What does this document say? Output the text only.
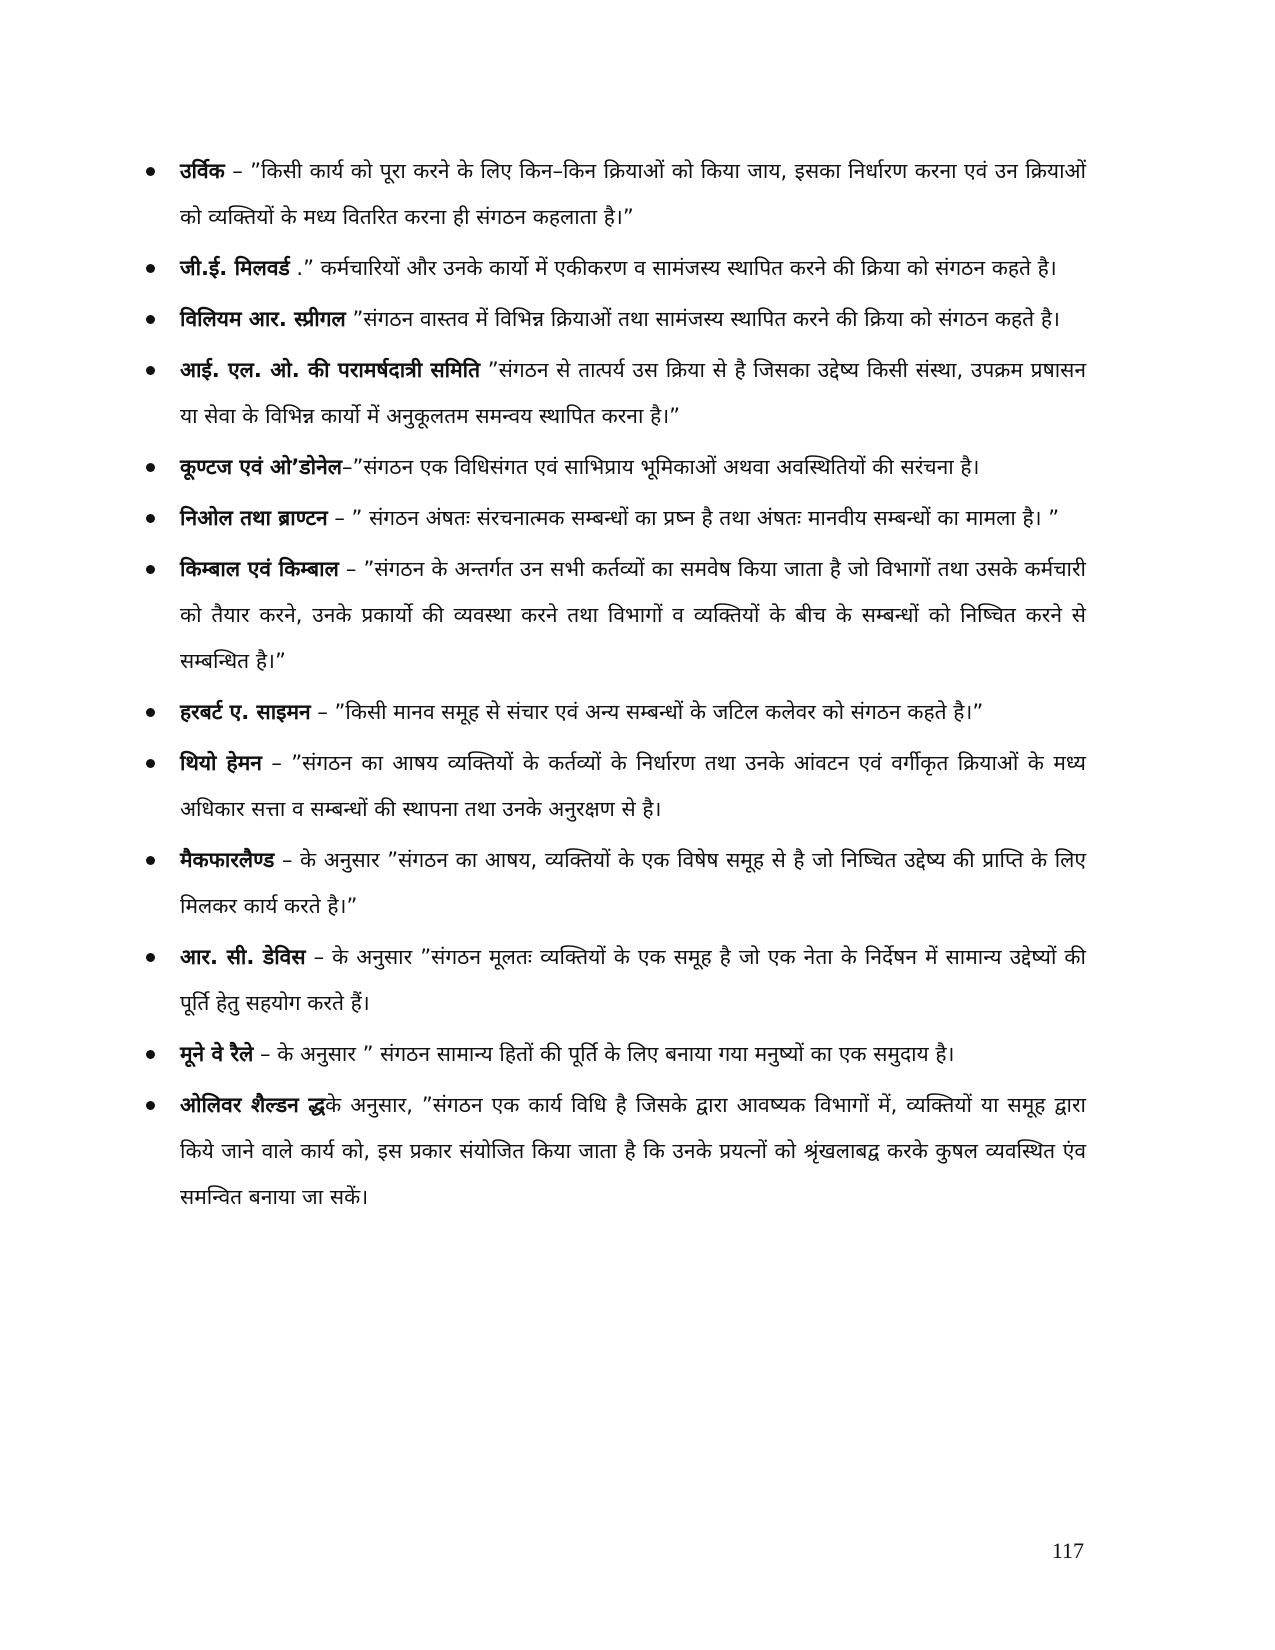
उर्विक – ”किसी कार्य को पूरा करने के लिए किन–किन क्रियाओं को किया जाय, इसका निर्धारण करना एवं उन क्रियाओं को व्यक्तियों के मध्य वितरित करना ही संगठन कहलाता है।”
जी.ई. मिलवर्ड .” कर्मचारियों और उनके कार्यो में एकीकरण व सामंजस्य स्थापित करने की क्रिया को संगठन कहते है।
विलियम आर. स्प्रीगल ”संगठन वास्तव में विभिन्न क्रियाओं तथा सामंजस्य स्थापित करने की क्रिया को संगठन कहते है।
आई. एल. ओ. की परामर्षदात्री समिति ”संगठन से तात्पर्य उस क्रिया से है जिसका उद्देष्य किसी संस्था, उपक्रम प्रषासन या सेवा के विभिन्न कार्यो में अनुकूलतम समन्वय स्थापित करना है।”
कूण्टज एवं ओ’डोनेल–”संगठन एक विधिसंगत एवं साभिप्राय भूमिकाओं अथवा अवस्थितियों की सरंचना है।
निओल तथा ब्राण्टन – ” संगठन अंषतः संरचनात्मक सम्बन्धों का प्रष्न है तथा अंषतः मानवीय सम्बन्धों का मामला है। ”
किम्बाल एवं किम्बाल – ”संगठन के अन्तर्गत उन सभी कर्तव्यों का समवेष किया जाता है जो विभागों तथा उसके कर्मचारी को तैयार करने, उनके प्रकार्यो की व्यवस्था करने तथा विभागों व व्यक्तियों के बीच के सम्बन्धों को निष्चित करने से सम्बन्धित है।”
हरबर्ट ए. साइमन – ”किसी मानव समूह से संचार एवं अन्य सम्बन्धों के जटिल कलेवर को संगठन कहते है।”
थियो हेमन – ”संगठन का आषय व्यक्तियों के कर्तव्यों के निर्धारण तथा उनके आंवटन एवं वर्गीकृत क्रियाओं के मध्य अधिकार सत्ता व सम्बन्धों की स्थापना तथा उनके अनुरक्षण से है।
मैकफारलैण्ड – के अनुसार ”संगठन का आषय, व्यक्तियों के एक विषेष समूह से है जो निष्चित उद्देष्य की प्राप्ति के लिए मिलकर कार्य करते है।”
आर. सी. डेविस – के अनुसार ”संगठन मूलतः व्यक्तियों के एक समूह है जो एक नेता के निर्देषन में सामान्य उद्देष्यों की पूर्ति हेतु सहयोग करते हैं।
मूने वे रैले – के अनुसार ” संगठन सामान्य हितों की पूर्ति के लिए बनाया गया मनुष्यों का एक समुदाय है।
ओलिवर शैल्डन द्धके अनुसार, ”संगठन एक कार्य विधि है जिसके द्वारा आवष्यक विभागों में, व्यक्तियों या समूह द्वारा किये जाने वाले कार्य को, इस प्रकार संयोजित किया जाता है कि उनके प्रयत्नों को श्रृंखलाबद्व करके कुषल व्यवस्थित एंव समन्वित बनाया जा सकें।
117
